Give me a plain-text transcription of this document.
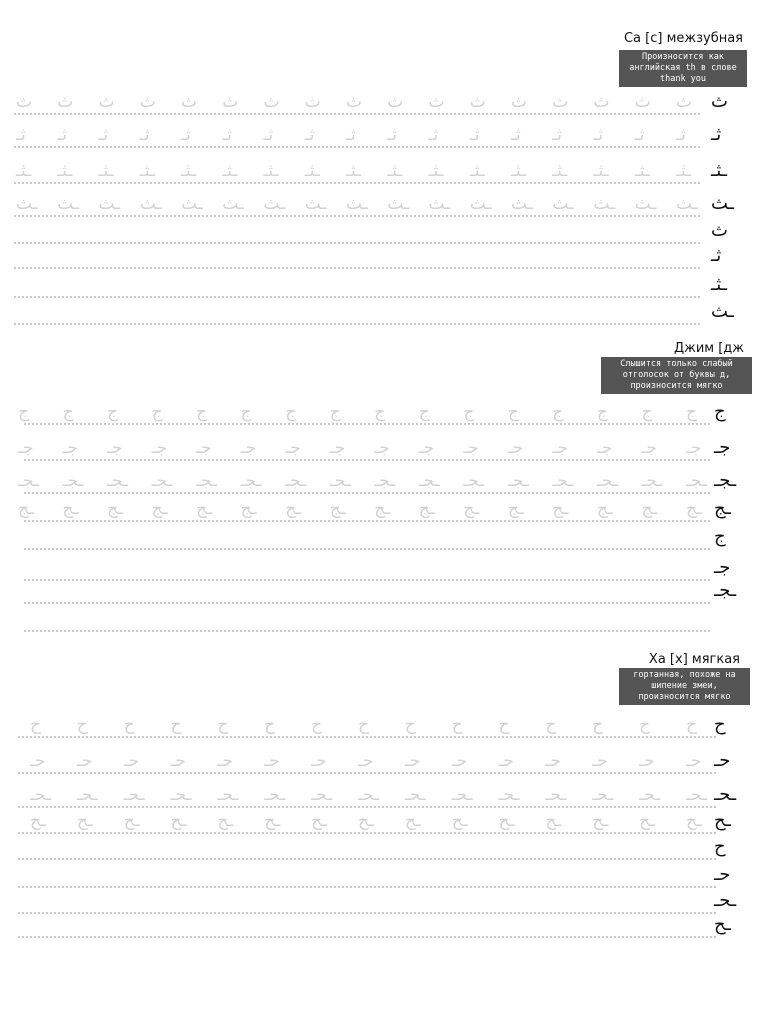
Са [с] межзубная
Произносится как
английская th в слове
thank you
ث ث ث ث ث ث ث ث ث ث ث ث ث ث ث ث ث ث
ثـ ثـ ثـ ثـ ثـ ثـ ثـ ثـ ثـ ثـ ثـ ثـ ثـ ثـ ثـ ثـ ثـ ثـ
ـثـ ـثـ ـثـ ـثـ ـثـ ـثـ ـثـ ـثـ ـثـ ـثـ ـثـ ـثـ ـثـ ـثـ ـثـ ـثـ ـثـ ـثـ
ـث ـث ـث ـث ـث ـث ـث ـث ـث ـث ـث ـث ـث ـث ـث ـث ـث ـث
ث
ثـ
ـثـ
ـث
Джим [дж
Слышится только слабый
отголосок от буквы д,
произносится мягко
ج ج ج ج ج ج ج ج ج ج ج ج ج ج ج ج ج
جـ جـ جـ جـ جـ جـ جـ جـ جـ جـ جـ جـ جـ جـ جـ جـ جـ
ـجـ ـجـ ـجـ ـجـ ـجـ ـجـ ـجـ ـجـ ـجـ ـجـ ـجـ ـجـ ـجـ ـجـ ـجـ ـجـ ـجـ
ـج ـج ـج ـج ـج ـج ـج ـج ـج ـج ـج ـج ـج ـج ـج ـج ـج
ج
جـ
ـجـ
Ха [х] мягкая
гортанная, похоже на
шипение змеи,
произносится мягко
ح ح ح ح ح ح ح ح ح ح ح ح ح ح ح ح
حـ حـ حـ حـ حـ حـ حـ حـ حـ حـ حـ حـ حـ حـ حـ حـ
ـحـ ـحـ ـحـ ـحـ ـحـ ـحـ ـحـ ـحـ ـحـ ـحـ ـحـ ـحـ ـحـ ـحـ ـحـ ـحـ
ـح ـح ـح ـح ـح ـح ـح ـح ـح ـح ـح ـح ـح ـح ـح ـح
ح
حـ
ـحـ
ـح
